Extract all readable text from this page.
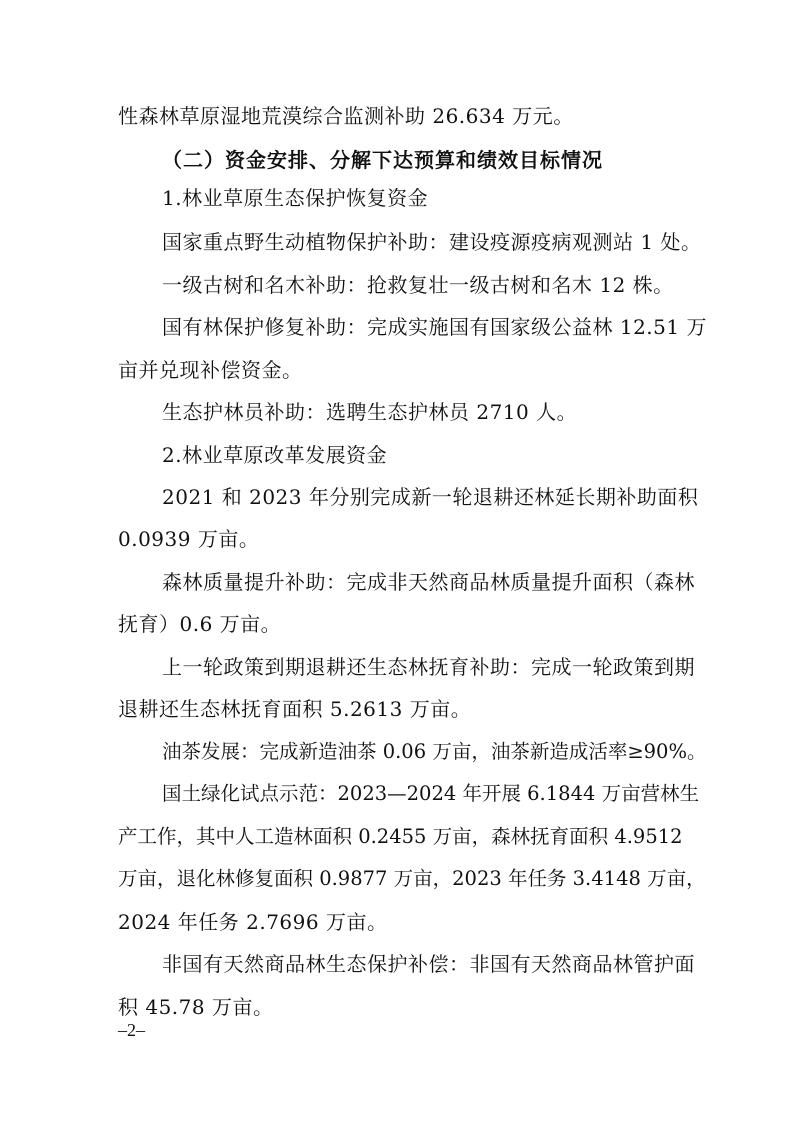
性森林草原湿地荒漠综合监测补助 26.634 万元。
（二）资金安排、分解下达预算和绩效目标情况
1.林业草原生态保护恢复资金
国家重点野生动植物保护补助：建设疫源疫病观测站 1 处。
一级古树和名木补助：抢救复壮一级古树和名木 12 株。
国有林保护修复补助：完成实施国有国家级公益林 12.51 万
亩并兑现补偿资金。
生态护林员补助：选聘生态护林员 2710 人。
2.林业草原改革发展资金
2021 和 2023 年分别完成新一轮退耕还林延长期补助面积
0.0939 万亩。
森林质量提升补助：完成非天然商品林质量提升面积（森林
抚育）0.6 万亩。
上一轮政策到期退耕还生态林抚育补助：完成一轮政策到期
退耕还生态林抚育面积 5.2613 万亩。
油茶发展：完成新造油茶 0.06 万亩，油茶新造成活率≥90%。
国土绿化试点示范：2023—2024 年开展 6.1844 万亩营林生
产工作，其中人工造林面积 0.2455 万亩，森林抚育面积 4.9512
万亩，退化林修复面积 0.9877 万亩，2023 年任务 3.4148 万亩，
2024 年任务 2.7696 万亩。
非国有天然商品林生态保护补偿：非国有天然商品林管护面
积 45.78 万亩。
–2–
